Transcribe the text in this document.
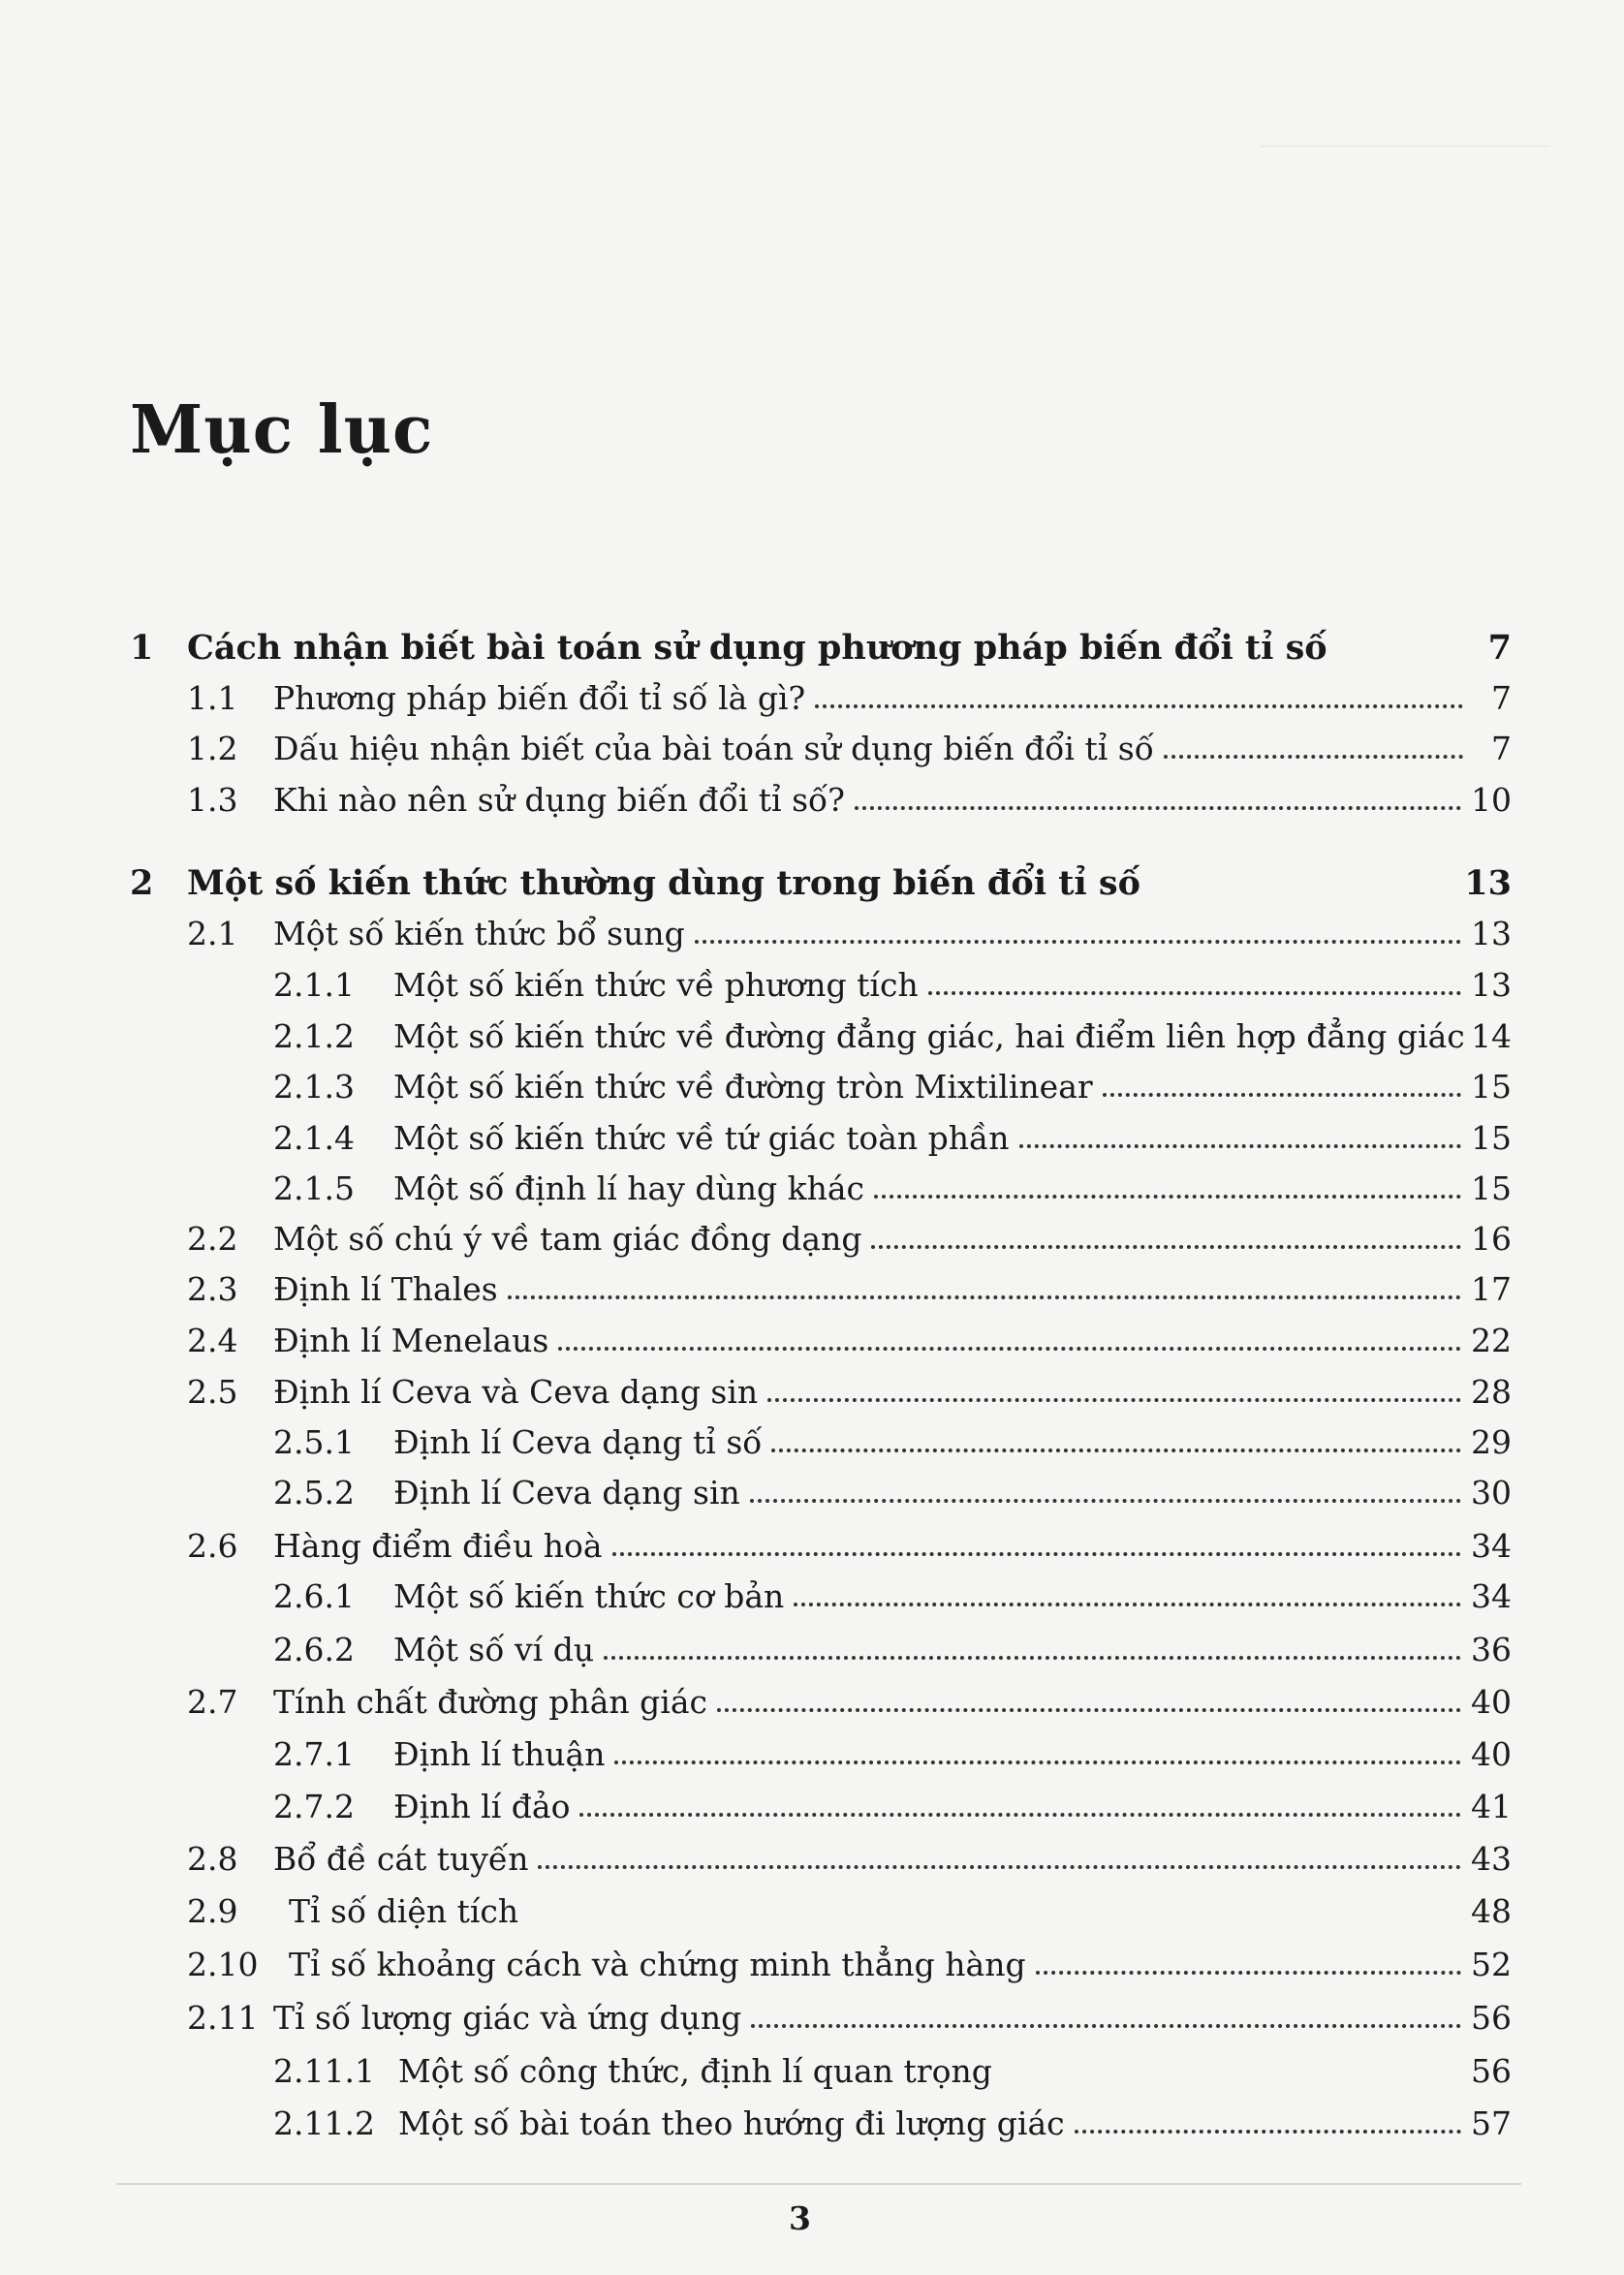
Mục lục
1 Cách nhận biết bài toán sử dụng phương pháp biến đổi tỉ số	7
1.1	Phương pháp biến đổi tỉ số là gì?	7
1.2	Dấu hiệu nhận biết của bài toán sử dụng biến đổi tỉ số	7
1.3	Khi nào nên sử dụng biến đổi tỉ số?	10
2 Một số kiến thức thường dùng trong biến đổi tỉ số	13
2.1	Một số kiến thức bổ sung	13
2.1.1	Một số kiến thức về phương tích	13
2.1.2	Một số kiến thức về đường đẳng giác, hai điểm liên hợp đẳng giác 14
2.1.3	Một số kiến thức về đường tròn Mixtilinear	15
2.1.4	Một số kiến thức về tứ giác toàn phần	15
2.1.5	Một số định lí hay dùng khác	15
2.2	Một số chú ý về tam giác đồng dạng	16
2.3	Định lí Thales	17
2.4	Định lí Menelaus	22
2.5	Định lí Ceva và Ceva dạng sin	28
2.5.1	Định lí Ceva dạng tỉ số	29
2.5.2	Định lí Ceva dạng sin	30
2.6	Hàng điểm điều hoà	34
2.6.1	Một số kiến thức cơ bản	34
2.6.2	Một số ví dụ	36
2.7	Tính chất đường phân giác	40
2.7.1	Định lí thuận	40
2.7.2	Định lí đảo	41
2.8	Bổ đề cát tuyến	43
2.9	Tỉ số diện tích	48
2.10 Tỉ số khoảng cách và chứng minh thẳng hàng	52
2.11 Tỉ số lượng giác và ứng dụng	56
2.11.1 Một số công thức, định lí quan trọng	56
2.11.2 Một số bài toán theo hướng đi lượng giác	57
3
